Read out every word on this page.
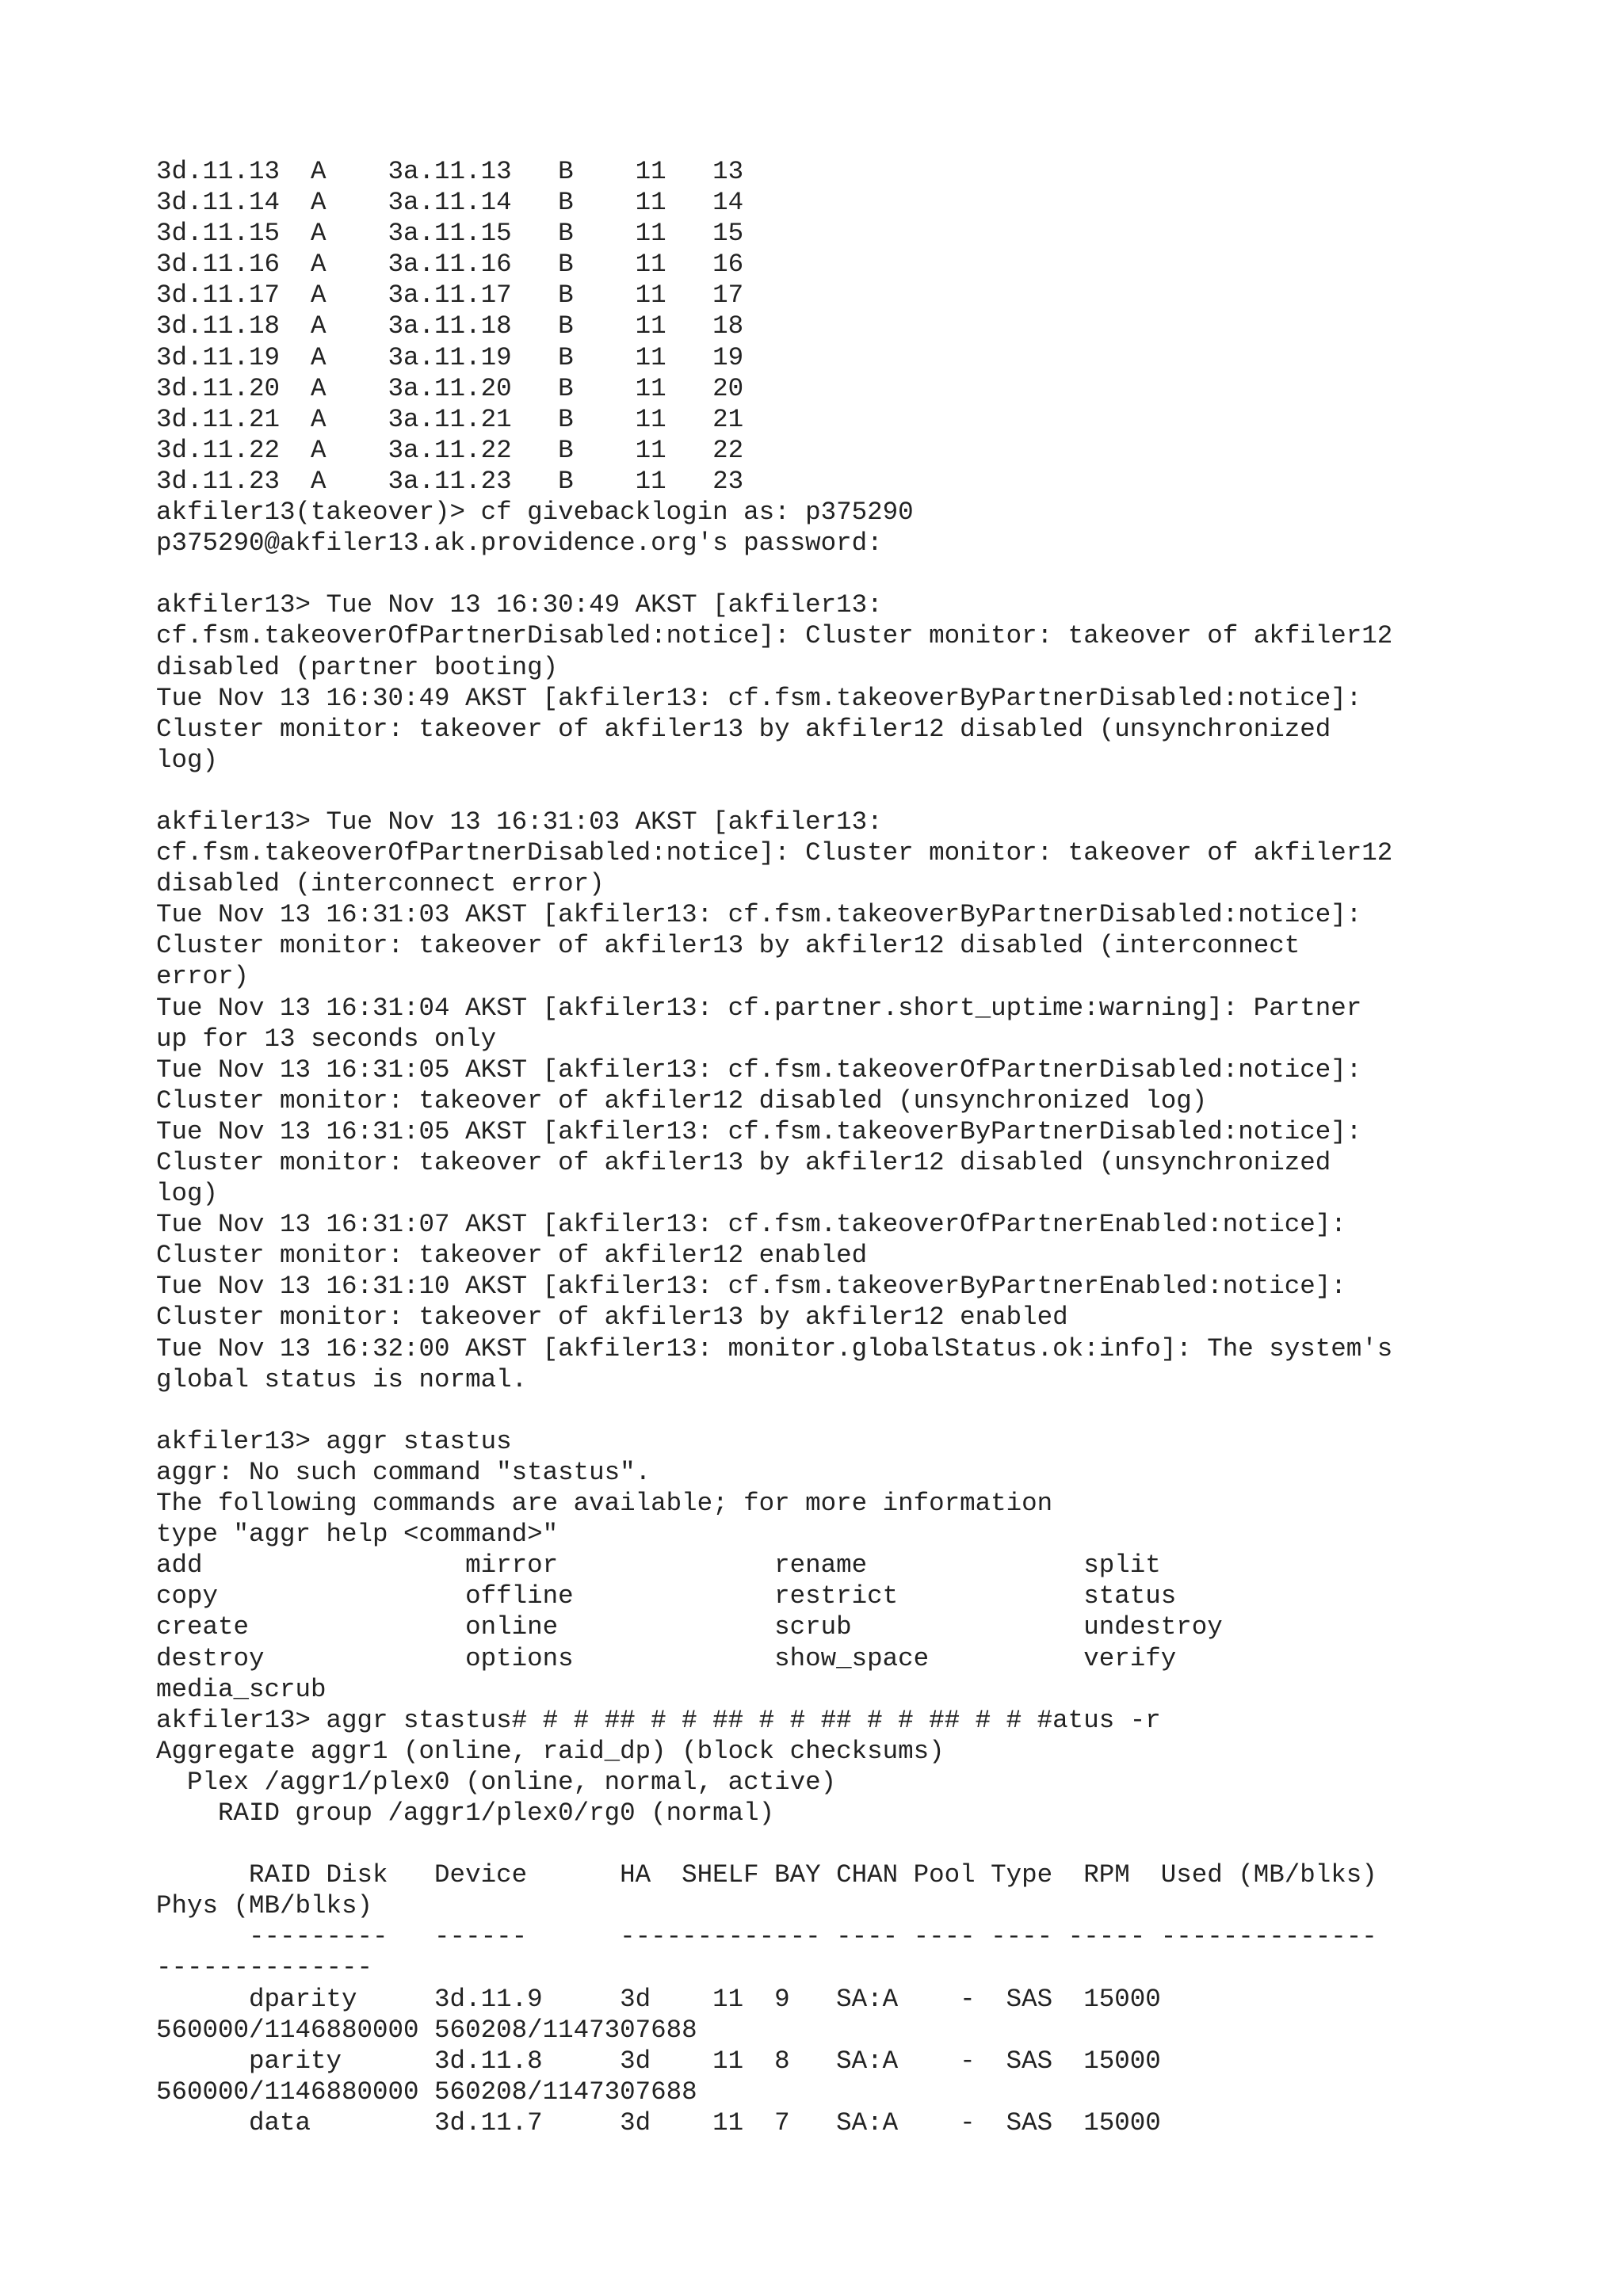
3d.11.13  A    3a.11.13   B    11   13
3d.11.14  A    3a.11.14   B    11   14
3d.11.15  A    3a.11.15   B    11   15
3d.11.16  A    3a.11.16   B    11   16
3d.11.17  A    3a.11.17   B    11   17
3d.11.18  A    3a.11.18   B    11   18
3d.11.19  A    3a.11.19   B    11   19
3d.11.20  A    3a.11.20   B    11   20
3d.11.21  A    3a.11.21   B    11   21
3d.11.22  A    3a.11.22   B    11   22
3d.11.23  A    3a.11.23   B    11   23
akfiler13(takeover)> cf givebacklogin as: p375290
p375290@akfiler13.ak.providence.org's password:

akfiler13> Tue Nov 13 16:30:49 AKST [akfiler13:
cf.fsm.takeoverOfPartnerDisabled:notice]: Cluster monitor: takeover of akfiler12
disabled (partner booting)
Tue Nov 13 16:30:49 AKST [akfiler13: cf.fsm.takeoverByPartnerDisabled:notice]:
Cluster monitor: takeover of akfiler13 by akfiler12 disabled (unsynchronized
log)

akfiler13> Tue Nov 13 16:31:03 AKST [akfiler13:
cf.fsm.takeoverOfPartnerDisabled:notice]: Cluster monitor: takeover of akfiler12
disabled (interconnect error)
Tue Nov 13 16:31:03 AKST [akfiler13: cf.fsm.takeoverByPartnerDisabled:notice]:
Cluster monitor: takeover of akfiler13 by akfiler12 disabled (interconnect
error)
Tue Nov 13 16:31:04 AKST [akfiler13: cf.partner.short_uptime:warning]: Partner
up for 13 seconds only
Tue Nov 13 16:31:05 AKST [akfiler13: cf.fsm.takeoverOfPartnerDisabled:notice]:
Cluster monitor: takeover of akfiler12 disabled (unsynchronized log)
Tue Nov 13 16:31:05 AKST [akfiler13: cf.fsm.takeoverByPartnerDisabled:notice]:
Cluster monitor: takeover of akfiler13 by akfiler12 disabled (unsynchronized
log)
Tue Nov 13 16:31:07 AKST [akfiler13: cf.fsm.takeoverOfPartnerEnabled:notice]:
Cluster monitor: takeover of akfiler12 enabled
Tue Nov 13 16:31:10 AKST [akfiler13: cf.fsm.takeoverByPartnerEnabled:notice]:
Cluster monitor: takeover of akfiler13 by akfiler12 enabled
Tue Nov 13 16:32:00 AKST [akfiler13: monitor.globalStatus.ok:info]: The system's
global status is normal.

akfiler13> aggr stastus
aggr: No such command "stastus".
The following commands are available; for more information
type "aggr help <command>"
add                 mirror              rename              split
copy                offline             restrict            status
create              online              scrub               undestroy
destroy             options             show_space          verify
media_scrub
akfiler13> aggr stastus# # # ## # # ## # # ## # # ## # # #atus -r
Aggregate aggr1 (online, raid_dp) (block checksums)
Plex /aggr1/plex0 (online, normal, active)
RAID group /aggr1/plex0/rg0 (normal)

RAID Disk   Device      HA  SHELF BAY CHAN Pool Type  RPM  Used (MB/blks)
Phys (MB/blks)
---------   ------      ------------- ---- ---- ---- ----- --------------
--------------
dparity     3d.11.9     3d    11  9   SA:A    -  SAS  15000
560000/1146880000 560208/1147307688
parity      3d.11.8     3d    11  8   SA:A    -  SAS  15000
560000/1146880000 560208/1147307688
data        3d.11.7     3d    11  7   SA:A    -  SAS  15000
